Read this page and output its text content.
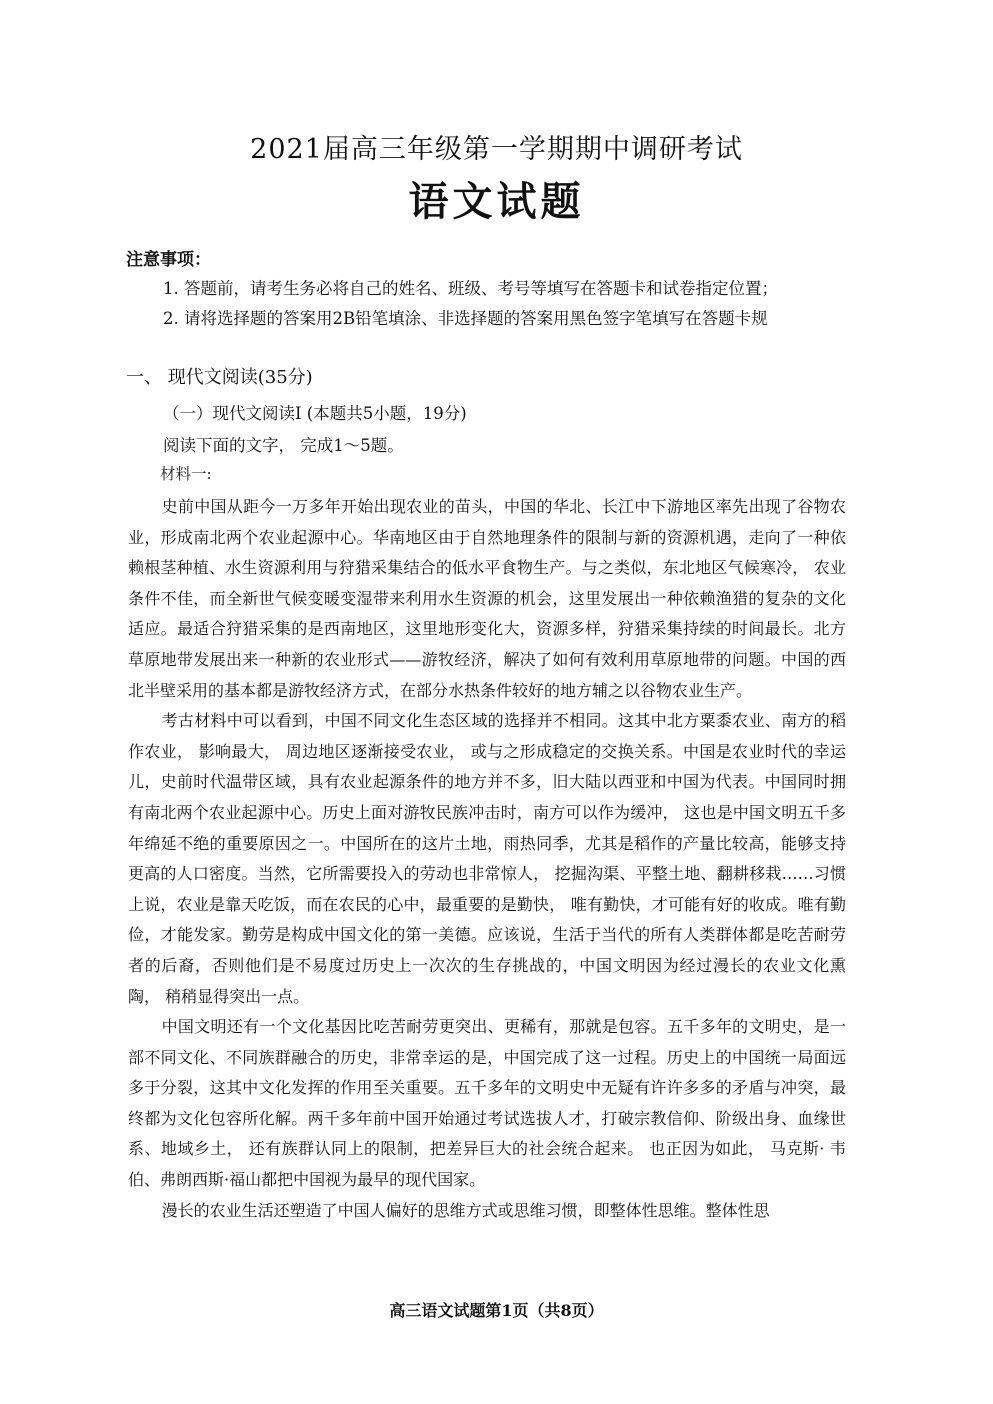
2021届高三年级第一学期期中调研考试
语文试题
注意事项：
1. 答题前，请考生务必将自己的姓名、班级、考号等填写在答题卡和试卷指定位置；
2. 请将选择题的答案用2B铅笔填涂、非选择题的答案用黑色签字笔填写在答题卡规
一、 现代文阅读(35分)
（一）现代文阅读I (本题共5小题，19分)
阅读下面的文字， 完成1～5题。
材料一:

史前中国从距今一万多年开始出现农业的苗头，中国的华北、长江中下游地区率先出现了谷物农业，形成南北两个农业起源中心。华南地区由于自然地理条件的限制与新的资源机遇，走向了一种依赖根茎种植、水生资源利用与狩猎采集结合的低水平食物生产。与之类似，东北地区气候寒冷， 农业条件不佳，而全新世气候变暖变湿带来利用水生资源的机会，这里发展出一种依赖渔猎的复杂的文化适应。最适合狩猎采集的是西南地区，这里地形变化大，资源多样，狩猎采集持续的时间最长。北方草原地带发展出来一种新的农业形式——游牧经济，解决了如何有效利用草原地带的问题。中国的西北半壁采用的基本都是游牧经济方式，在部分水热条件较好的地方辅之以谷物农业生产。

考古材料中可以看到，中国不同文化生态区域的选择并不相同。这其中北方粟黍农业、南方的稻作农业， 影响最大， 周边地区逐渐接受农业， 或与之形成稳定的交换关系。中国是农业时代的幸运儿，史前时代温带区域，具有农业起源条件的地方并不多，旧大陆以西亚和中国为代表。中国同时拥有南北两个农业起源中心。历史上面对游牧民族冲击时，南方可以作为缓冲， 这也是中国文明五千多年绵延不绝的重要原因之一。中国所在的这片土地，雨热同季，尤其是稻作的产量比较高，能够支持更高的人口密度。当然，它所需要投入的劳动也非常惊人， 挖掘沟渠、平整土地、翻耕移栽……习惯上说，农业是靠天吃饭，而在农民的心中，最重要的是勤快， 唯有勤快，才可能有好的收成。唯有勤俭，才能发家。勤劳是构成中国文化的第一美德。应该说，生活于当代的所有人类群体都是吃苦耐劳者的后裔，否则他们是不易度过历史上一次次的生存挑战的，中国文明因为经过漫长的农业文化熏陶， 稍稍显得突出一点。

中国文明还有一个文化基因比吃苦耐劳更突出、更稀有，那就是包容。五千多年的文明史，是一部不同文化、不同族群融合的历史，非常幸运的是，中国完成了这一过程。历史上的中国统一局面远多于分裂，这其中文化发挥的作用至关重要。五千多年的文明史中无疑有许许多多的矛盾与冲突，最终都为文化包容所化解。两千多年前中国开始通过考试选拔人才，打破宗教信仰、阶级出身、血缘世系、地域乡土， 还有族群认同上的限制，把差异巨大的社会统合起来。 也正因为如此， 马克斯· 韦伯、弗朗西斯·福山都把中国视为最早的现代国家。

漫长的农业生活还塑造了中国人偏好的思维方式或思维习惯，即整体性思维。整体性思

高三语文试题第1页（共8页）
